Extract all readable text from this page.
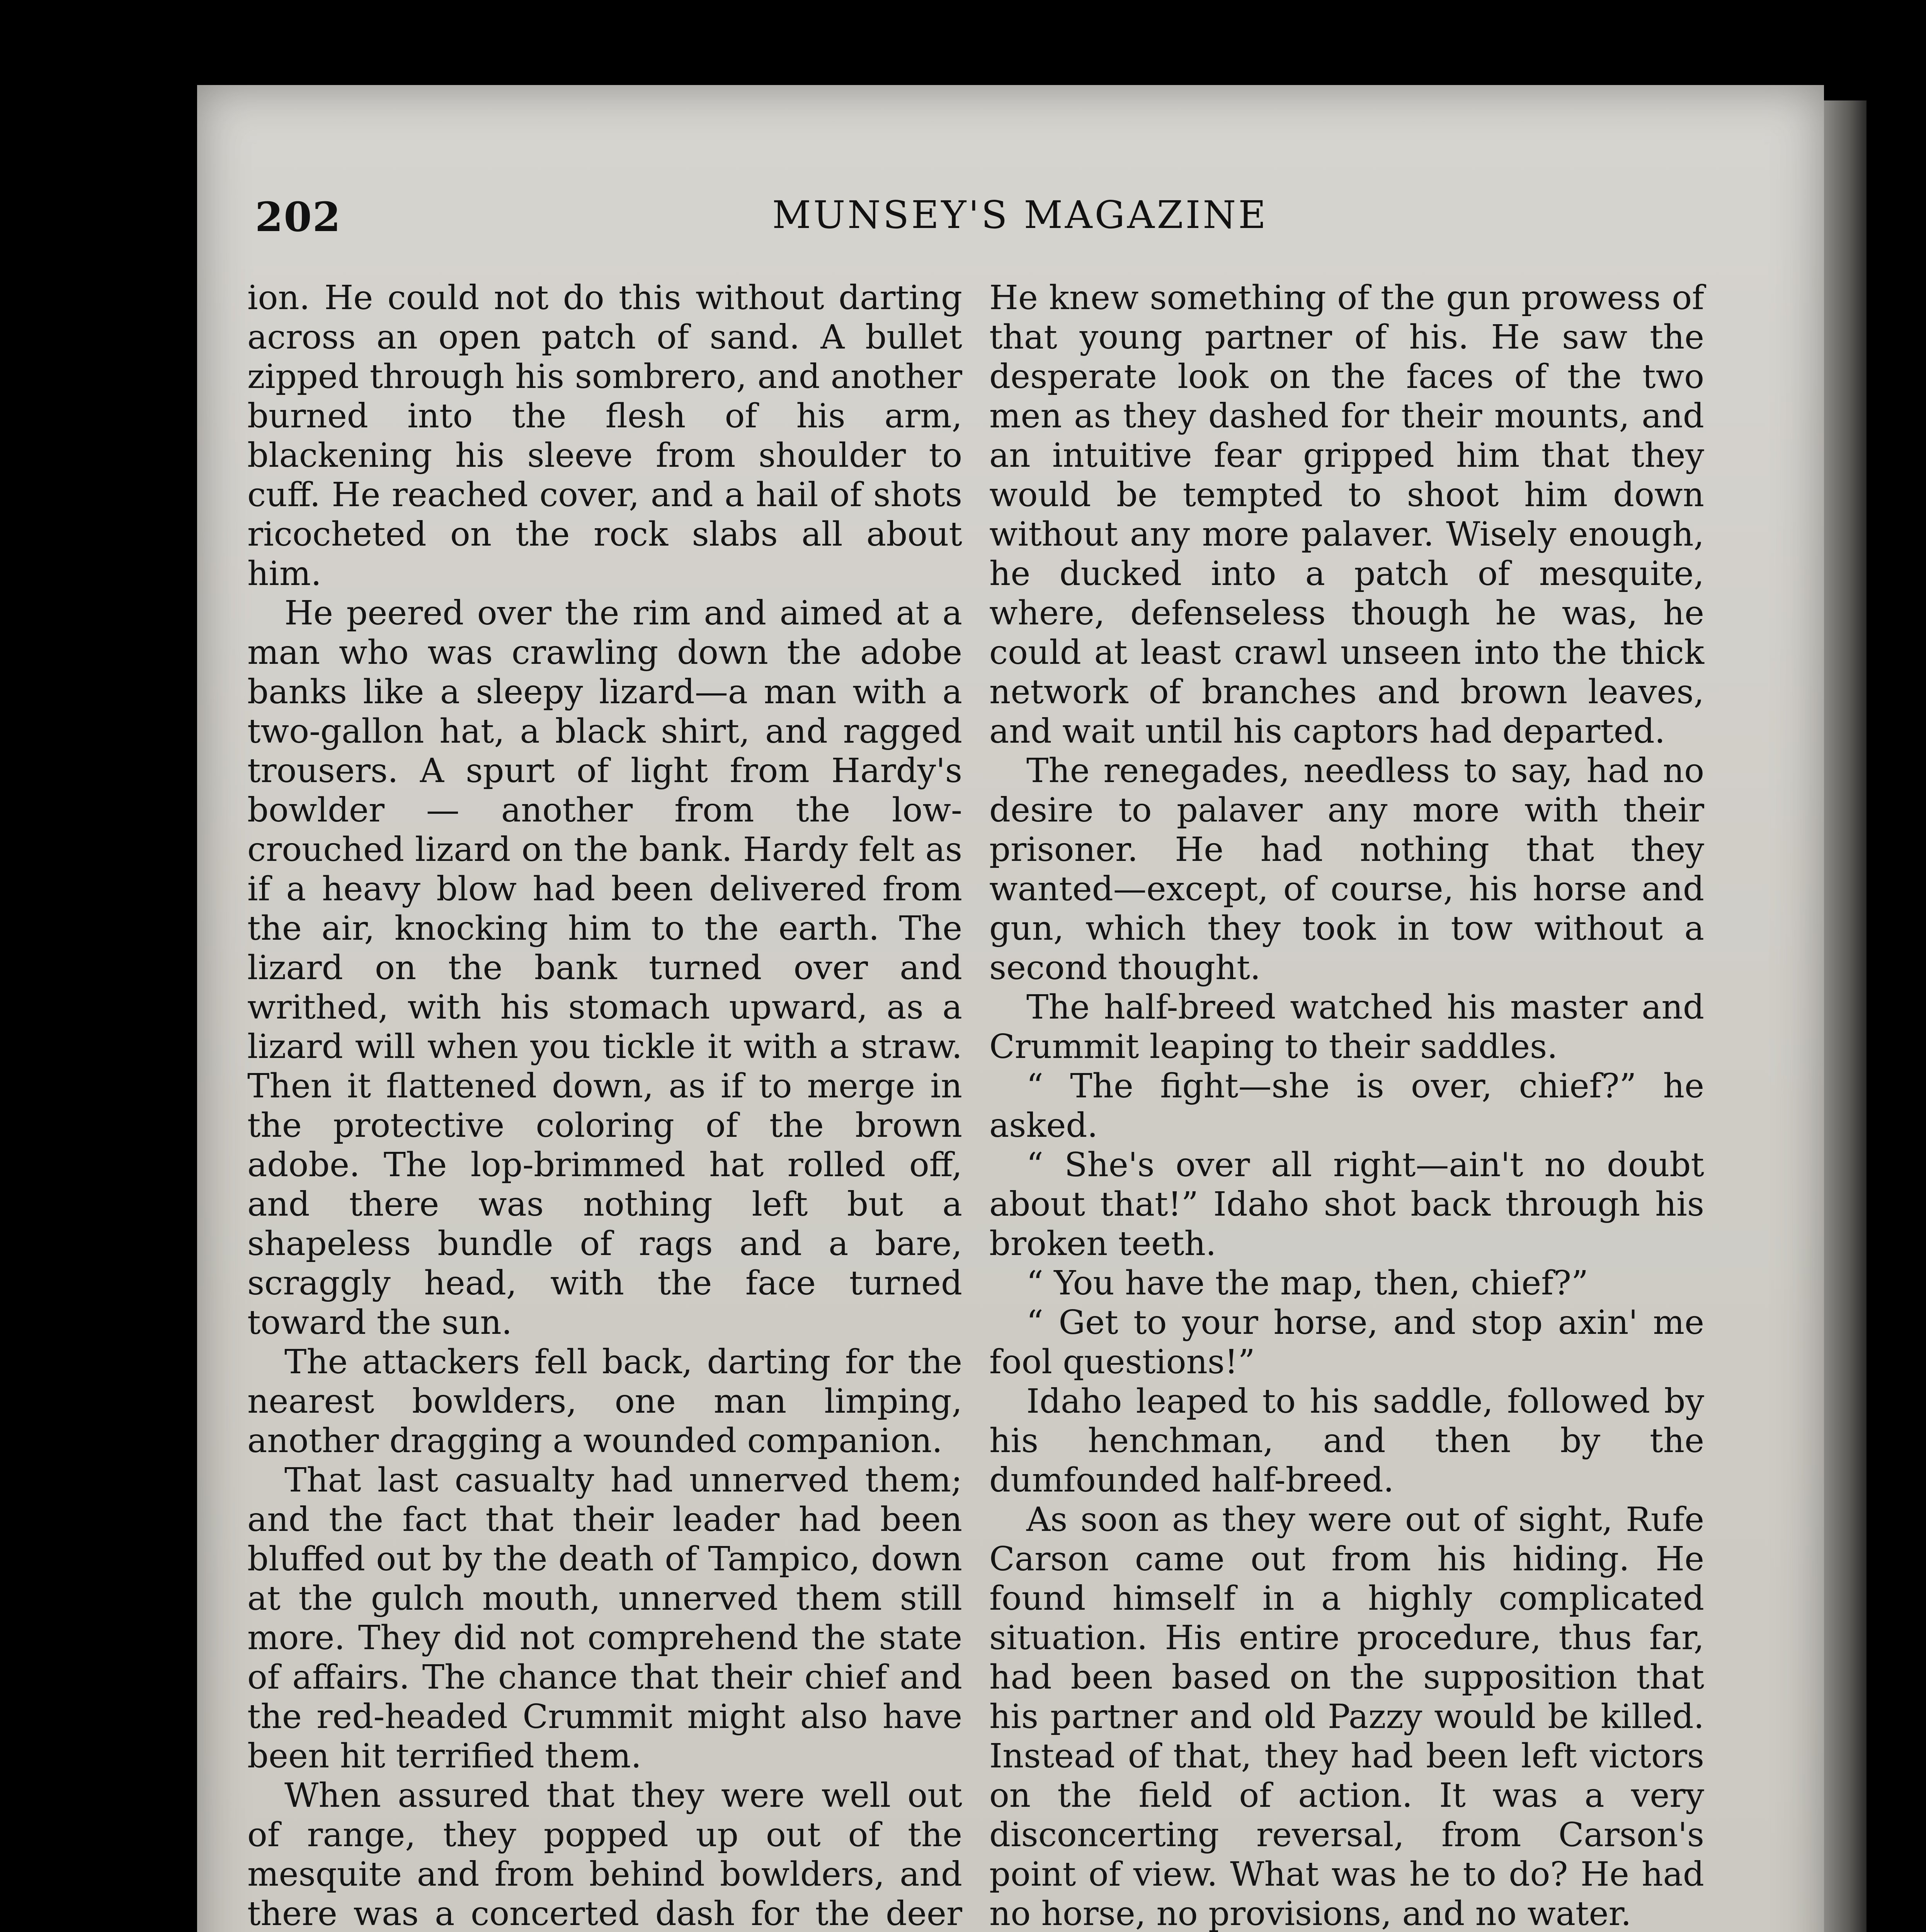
202	MUNSEY'S MAGAZINE

ion. He could not do this without darting across an open patch of sand. A bullet zipped through his sombrero, and another burned into the flesh of his arm, blackening his sleeve from shoulder to cuff. He reached cover, and a hail of shots ricocheted on the rock slabs all about him.

He peered over the rim and aimed at a man who was crawling down the adobe banks like a sleepy lizard—a man with a two-gallon hat, a black shirt, and ragged trousers. A spurt of light from Hardy's bowlder — another from the low-crouched lizard on the bank. Hardy felt as if a heavy blow had been delivered from the air, knocking him to the earth. The lizard on the bank turned over and writhed, with his stomach upward, as a lizard will when you tickle it with a straw. Then it flattened down, as if to merge in the protective coloring of the brown adobe. The lop-brimmed hat rolled off, and there was nothing left but a shapeless bundle of rags and a bare, scraggly head, with the face turned toward the sun.

The attackers fell back, darting for the nearest bowlders, one man limping, another dragging a wounded companion.

That last casualty had unnerved them; and the fact that their leader had been bluffed out by the death of Tampico, down at the gulch mouth, unnerved them still more. They did not comprehend the state of affairs. The chance that their chief and the red-headed Crummit might also have been hit terrified them.

When assured that they were well out of range, they popped up out of the mesquite and from behind bowlders, and there was a concerted dash for the deer

He knew something of the gun prowess of that young partner of his. He saw the desperate look on the faces of the two men as they dashed for their mounts, and an intuitive fear gripped him that they would be tempted to shoot him down without any more palaver. Wisely enough, he ducked into a patch of mesquite, where, defenseless though he was, he could at least crawl unseen into the thick network of branches and brown leaves, and wait until his captors had departed.

The renegades, needless to say, had no desire to palaver any more with their prisoner. He had nothing that they wanted—except, of course, his horse and gun, which they took in tow without a second thought.

The half-breed watched his master and Crummit leaping to their saddles.

“ The fight—she is over, chief?” he asked.

“ She's over all right—ain't no doubt about that!” Idaho shot back through his broken teeth.

“ You have the map, then, chief?”

“ Get to your horse, and stop axin' me fool questions!”

Idaho leaped to his saddle, followed by his henchman, and then by the dumfounded half-breed.

As soon as they were out of sight, Rufe Carson came out from his hiding. He found himself in a highly complicated situation. His entire procedure, thus far, had been based on the supposition that his partner and old Pazzy would be killed. Instead of that, they had been left victors on the field of action. It was a very disconcerting reversal, from Carson's point of view. What was he to do? He had no horse, no provisions, and no water.
